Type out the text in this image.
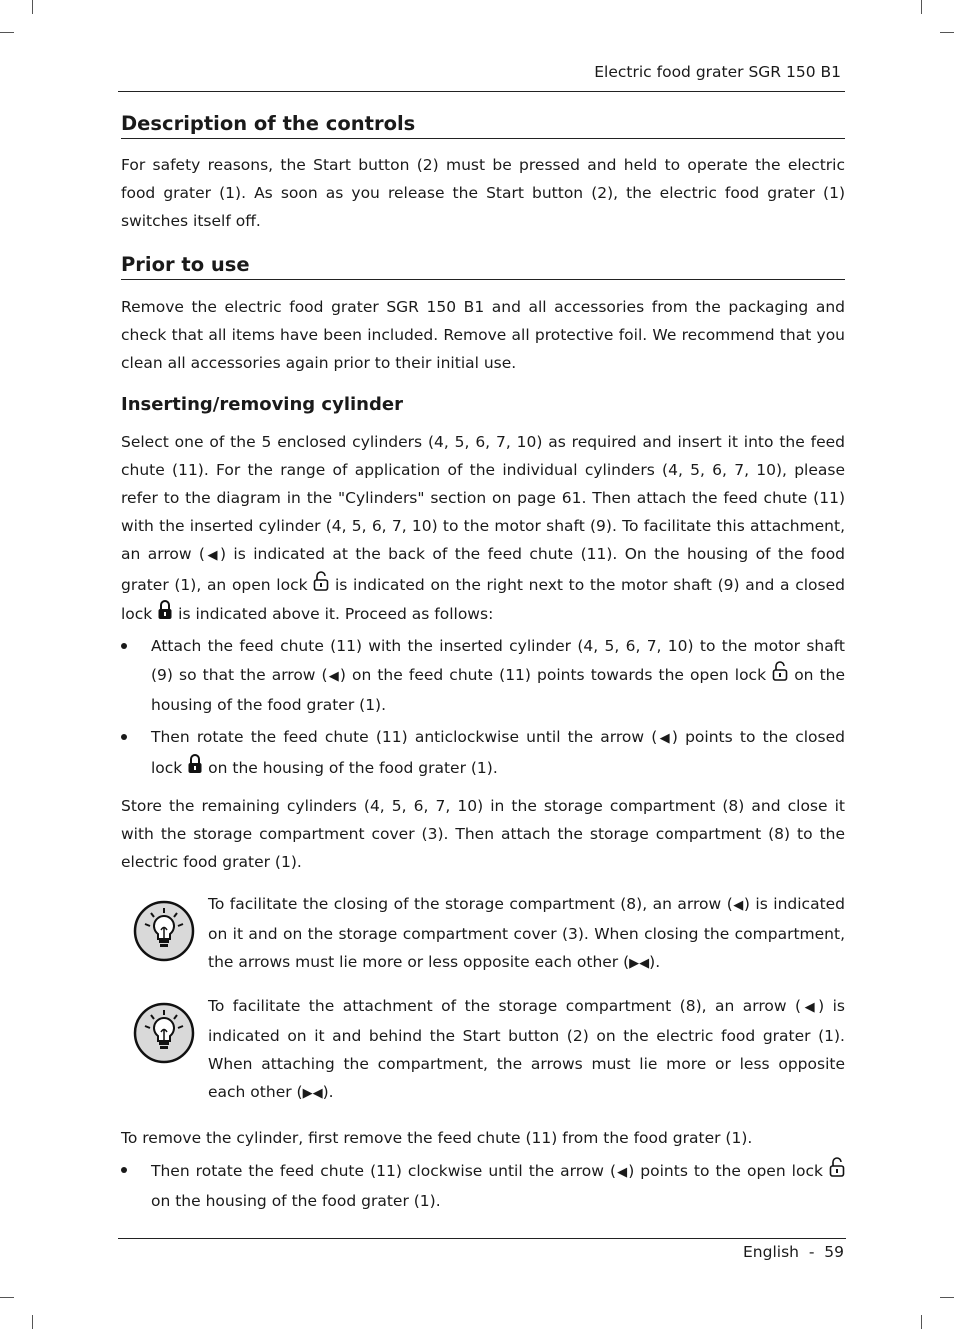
Electric food grater SGR 150 B1
Description of the controls

For safety reasons, the Start button (2) must be pressed and held to operate the electric food grater (1). As soon as you release the Start button (2), the electric food grater (1) switches itself off.

Prior to use

Remove the electric food grater SGR 150 B1 and all accessories from the packaging and check that all items have been included. Remove all protective foil. We recommend that you clean all accessories again prior to their initial use.

Inserting/removing cylinder

Select one of the 5 enclosed cylinders (4, 5, 6, 7, 10) as required and insert it into the feed chute (11). For the range of application of the individual cylinders (4, 5, 6, 7, 10), please refer to the diagram in the "Cylinders" section on page 61. Then attach the feed chute (11) with the inserted cylinder (4, 5, 6, 7, 10) to the motor shaft (9). To facilitate this attachment, an arrow (◀) is indicated at the back of the feed chute (11). On the housing of the food grater (1), an open lock  is indicated on the right next to the motor shaft (9) and a closed lock  is indicated above it. Proceed as follows:

Attach the feed chute (11) with the inserted cylinder (4, 5, 6, 7, 10) to the motor shaft (9) so that the arrow (◀) on the feed chute (11) points towards the open lock  on the housing of the food grater (1).
Then rotate the feed chute (11) anticlockwise until the arrow (◀) points to the closed lock  on the housing of the food grater (1).

Store the remaining cylinders (4, 5, 6, 7, 10) in the storage compartment (8) and close it with the storage compartment cover (3). Then attach the storage compartment (8) to the electric food grater (1).

To facilitate the closing of the storage compartment (8), an arrow (◀) is indicated on it and on the storage compartment cover (3). When closing the compartment, the arrows must lie more or less opposite each other (▶◀).

To facilitate the attachment of the storage compartment (8), an arrow (◀) is indicated on it and behind the Start button (2) on the electric food grater (1). When attaching the compartment, the arrows must lie more or less opposite each other (▶◀).

To remove the cylinder, first remove the feed chute (11) from the food grater (1).

Then rotate the feed chute (11) clockwise until the arrow (◀) points to the open lock  on the housing of the food grater (1).
English  -  59
